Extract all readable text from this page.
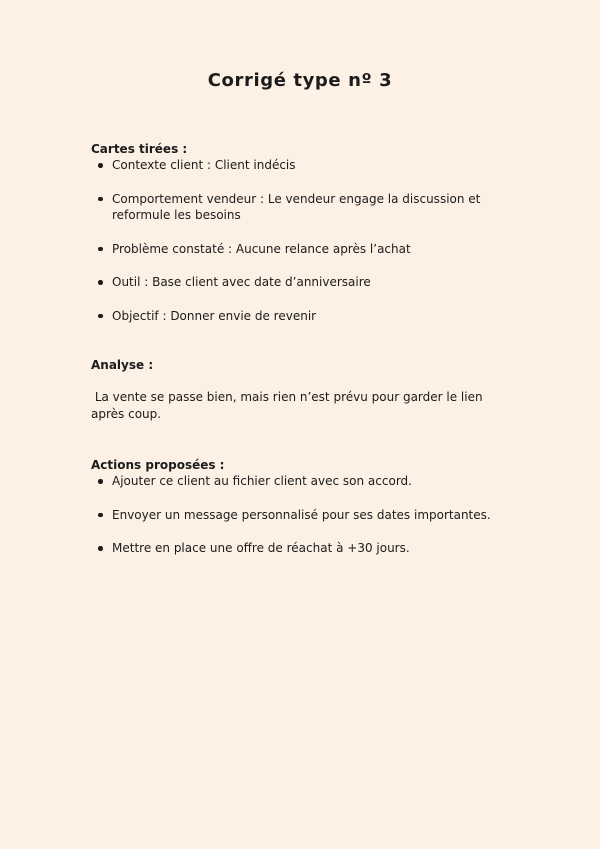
Corrigé type nº 3
Cartes tirées :
Contexte client : Client indécis
Comportement vendeur : Le vendeur engage la discussion et reformule les besoins
Problème constaté : Aucune relance après l’achat
Outil : Base client avec date d’anniversaire
Objectif : Donner envie de revenir
Analyse :

La vente se passe bien, mais rien n’est prévu pour garder le lien après coup.

Actions proposées :
Ajouter ce client au fichier client avec son accord.
Envoyer un message personnalisé pour ses dates importantes.
Mettre en place une offre de réachat à +30 jours.
